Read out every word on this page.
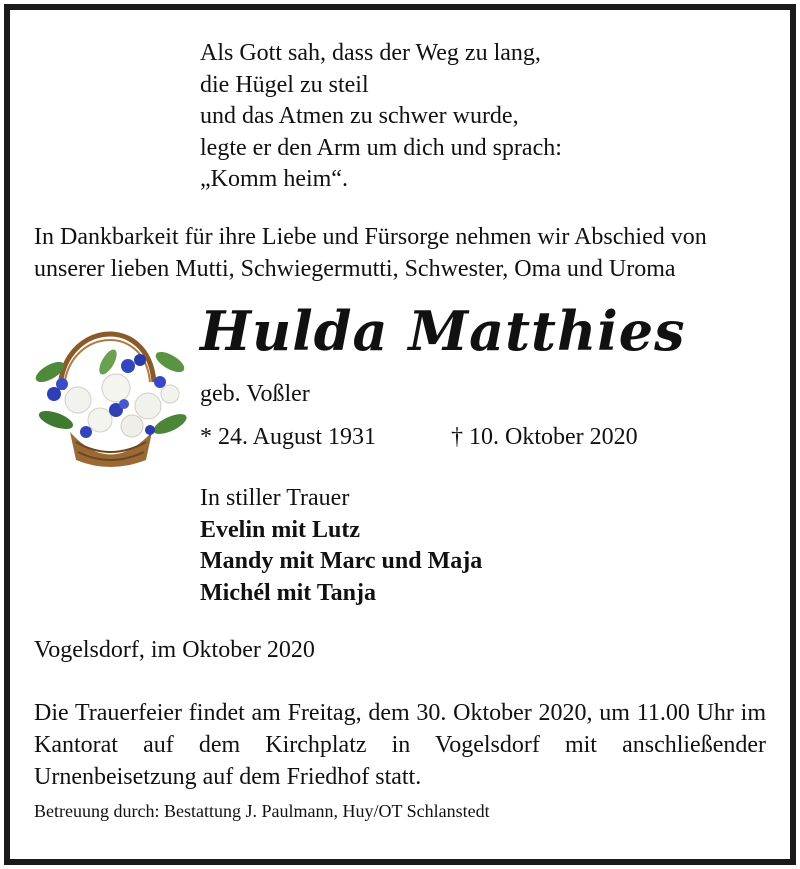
Als Gott sah, dass der Weg zu lang,
die Hügel zu steil
und das Atmen zu schwer wurde,
legte er den Arm um dich und sprach:
„Komm heim“.
In Dankbarkeit für ihre Liebe und Fürsorge nehmen wir Abschied von
unserer lieben Mutti, Schwiegermutti, Schwester, Oma und Uroma
Hulda Matthies
geb. Voßler
* 24. August 1931	† 10. Oktober 2020
In stiller Trauer
Evelin mit Lutz
Mandy mit Marc und Maja
Michél mit Tanja
Vogelsdorf, im Oktober 2020
Die Trauerfeier findet am Freitag, dem 30. Oktober 2020, um 11.00 Uhr im Kantorat auf dem Kirchplatz in Vogelsdorf mit anschließender Urnenbeisetzung auf dem Friedhof statt.
Betreuung durch: Bestattung J. Paulmann, Huy/OT Schlanstedt
